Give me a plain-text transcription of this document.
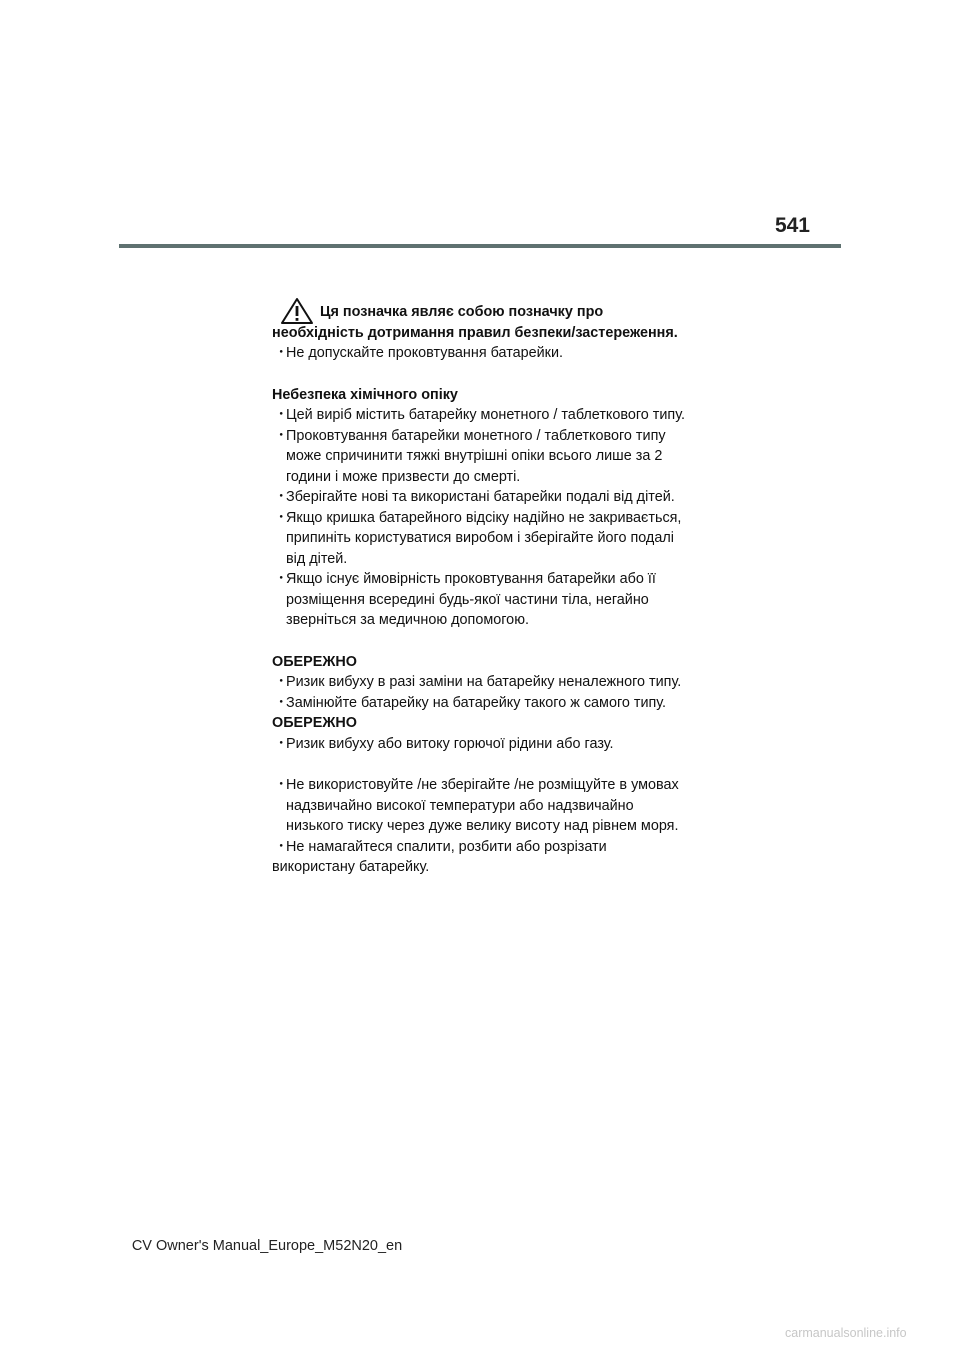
541
Ця позначка являє собою позначку про
необхідність дотримання правил безпеки/застереження.
・
Не допускайте проковтування батарейки.
Небезпека хімічного опіку
・
Цей виріб містить батарейку монетного / таблеткового типу.
・
Проковтування батарейки монетного / таблеткового типу
може спричинити тяжкі внутрішні опіки всього лише за 2
години і може призвести до смерті.
・
Зберігайте нові та використані батарейки подалі від дітей.
・
Якщо кришка батарейного відсіку надійно не закривається,
припиніть користуватися виробом і зберігайте його подалі
від дітей.
・
Якщо існує ймовірність проковтування батарейки або її
розміщення всередині будь-якої частини тіла, негайно
зверніться за медичною допомогою.
ОБЕРЕЖНО
・
Ризик вибуху в разі заміни на батарейку неналежного типу.
・
Замінюйте батарейку на батарейку такого ж самого типу.
ОБЕРЕЖНО
・
Ризик вибуху або витоку горючої рідини або газу.
・
Не використовуйте /не зберігайте /не розміщуйте в умовах
надзвичайно високої температури або надзвичайно
низького тиску через дуже велику висоту над рівнем моря.
・
Не намагайтеся спалити, розбити або розрізати
використану батарейку.
CV Owner's Manual_Europe_M52N20_en
carmanualsonline.info
